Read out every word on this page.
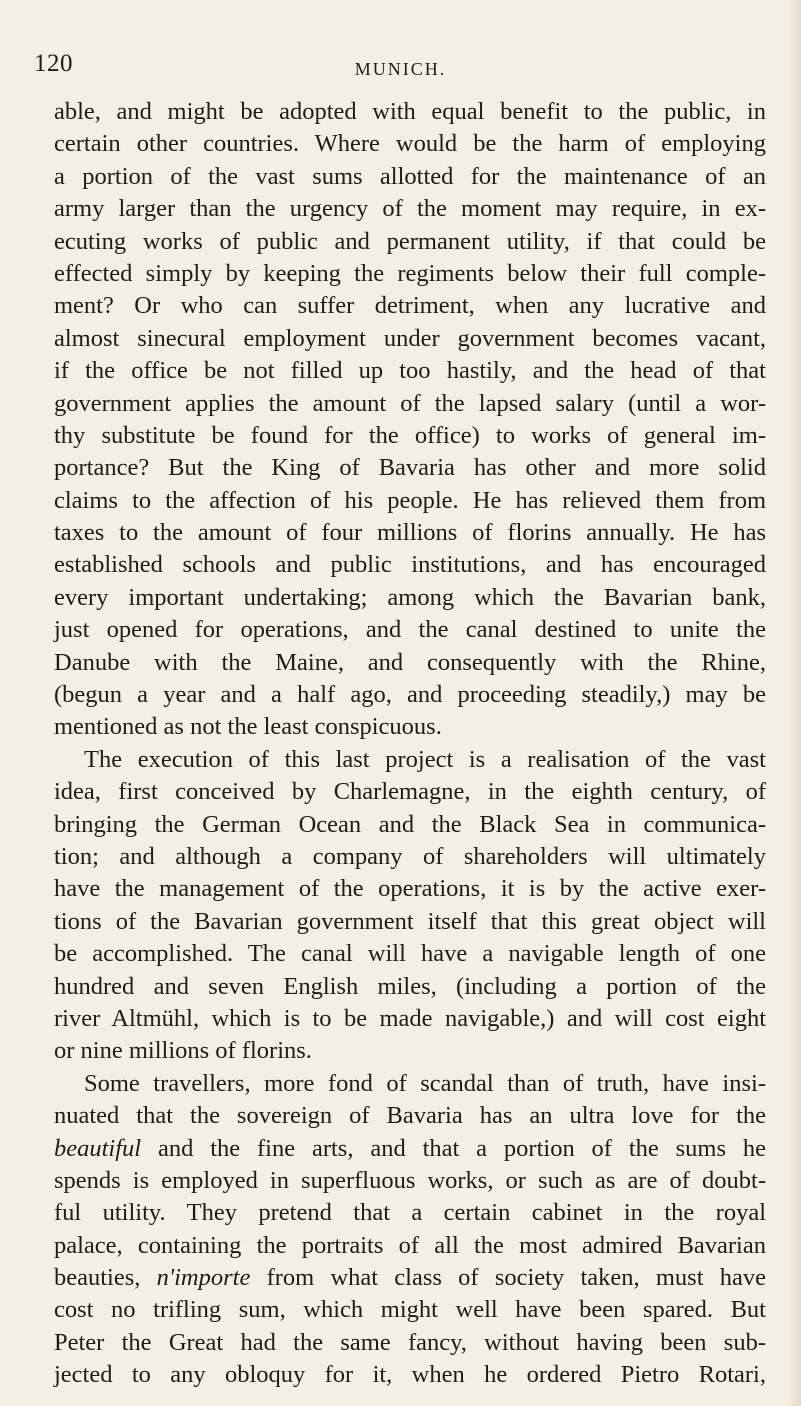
120	MUNICH.
able, and might be adopted with equal benefit to the public, in
certain other countries. Where would be the harm of employing
a portion of the vast sums allotted for the maintenance of an
army larger than the urgency of the moment may require, in ex-
ecuting works of public and permanent utility, if that could be
effected simply by keeping the regiments below their full comple-
ment? Or who can suffer detriment, when any lucrative and
almost sinecural employment under government becomes vacant,
if the office be not filled up too hastily, and the head of that
government applies the amount of the lapsed salary (until a wor-
thy substitute be found for the office) to works of general im-
portance? But the King of Bavaria has other and more solid
claims to the affection of his people. He has relieved them from
taxes to the amount of four millions of florins annually. He has
established schools and public institutions, and has encouraged
every important undertaking; among which the Bavarian bank,
just opened for operations, and the canal destined to unite the
Danube with the Maine, and consequently with the Rhine,
(begun a year and a half ago, and proceeding steadily,) may be
mentioned as not the least conspicuous.
The execution of this last project is a realisation of the vast
idea, first conceived by Charlemagne, in the eighth century, of
bringing the German Ocean and the Black Sea in communica-
tion; and although a company of shareholders will ultimately
have the management of the operations, it is by the active exer-
tions of the Bavarian government itself that this great object will
be accomplished. The canal will have a navigable length of one
hundred and seven English miles, (including a portion of the
river Altmühl, which is to be made navigable,) and will cost eight
or nine millions of florins.
Some travellers, more fond of scandal than of truth, have insi-
nuated that the sovereign of Bavaria has an ultra love for the
beautiful and the fine arts, and that a portion of the sums he
spends is employed in superfluous works, or such as are of doubt-
ful utility. They pretend that a certain cabinet in the royal
palace, containing the portraits of all the most admired Bavarian
beauties, n'importe from what class of society taken, must have
cost no trifling sum, which might well have been spared. But
Peter the Great had the same fancy, without having been sub-
jected to any obloquy for it, when he ordered Pietro Rotari,
